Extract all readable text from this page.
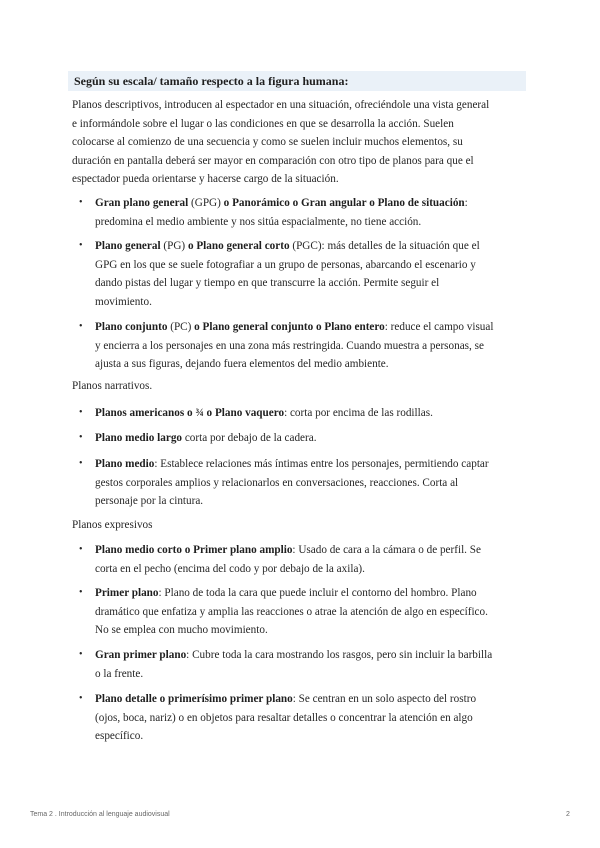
Según su escala/ tamaño respecto a la figura humana:
Planos descriptivos, introducen al espectador en una situación, ofreciéndole una vista general
e informándole sobre el lugar o las condiciones en que se desarrolla la acción. Suelen
colocarse al comienzo de una secuencia y como se suelen incluir muchos elementos, su
duración en pantalla deberá ser mayor en comparación con otro tipo de planos para que el
espectador pueda orientarse y hacerse cargo de la situación.
• Gran plano general (GPG) o Panorámico o Gran angular o Plano de situación:
predomina el medio ambiente y nos sitúa espacialmente, no tiene acción.
• Plano general (PG) o Plano general corto (PGC): más detalles de la situación que el
GPG en los que se suele fotografiar a un grupo de personas, abarcando el escenario y
dando pistas del lugar y tiempo en que transcurre la acción. Permite seguir el
movimiento.
• Plano conjunto (PC) o Plano general conjunto o Plano entero: reduce el campo visual
y encierra a los personajes en una zona más restringida. Cuando muestra a personas, se
ajusta a sus figuras, dejando fuera elementos del medio ambiente.
Planos narrativos.
• Planos americanos o ¾ o Plano vaquero: corta por encima de las rodillas.
• Plano medio largo corta por debajo de la cadera.
• Plano medio: Establece relaciones más íntimas entre los personajes, permitiendo captar
gestos corporales amplios y relacionarlos en conversaciones, reacciones. Corta al
personaje por la cintura.
Planos expresivos
• Plano medio corto o Primer plano amplio: Usado de cara a la cámara o de perfil. Se
corta en el pecho (encima del codo y por debajo de la axila).
• Primer plano: Plano de toda la cara que puede incluir el contorno del hombro. Plano
dramático que enfatiza y amplia las reacciones o atrae la atención de algo en específico.
No se emplea con mucho movimiento.
• Gran primer plano: Cubre toda la cara mostrando los rasgos, pero sin incluir la barbilla
o la frente.
• Plano detalle o primerísimo primer plano: Se centran en un solo aspecto del rostro
(ojos, boca, nariz) o en objetos para resaltar detalles o concentrar la atención en algo
específico.
Tema 2 . Introducción al lenguaje audiovisual	2
